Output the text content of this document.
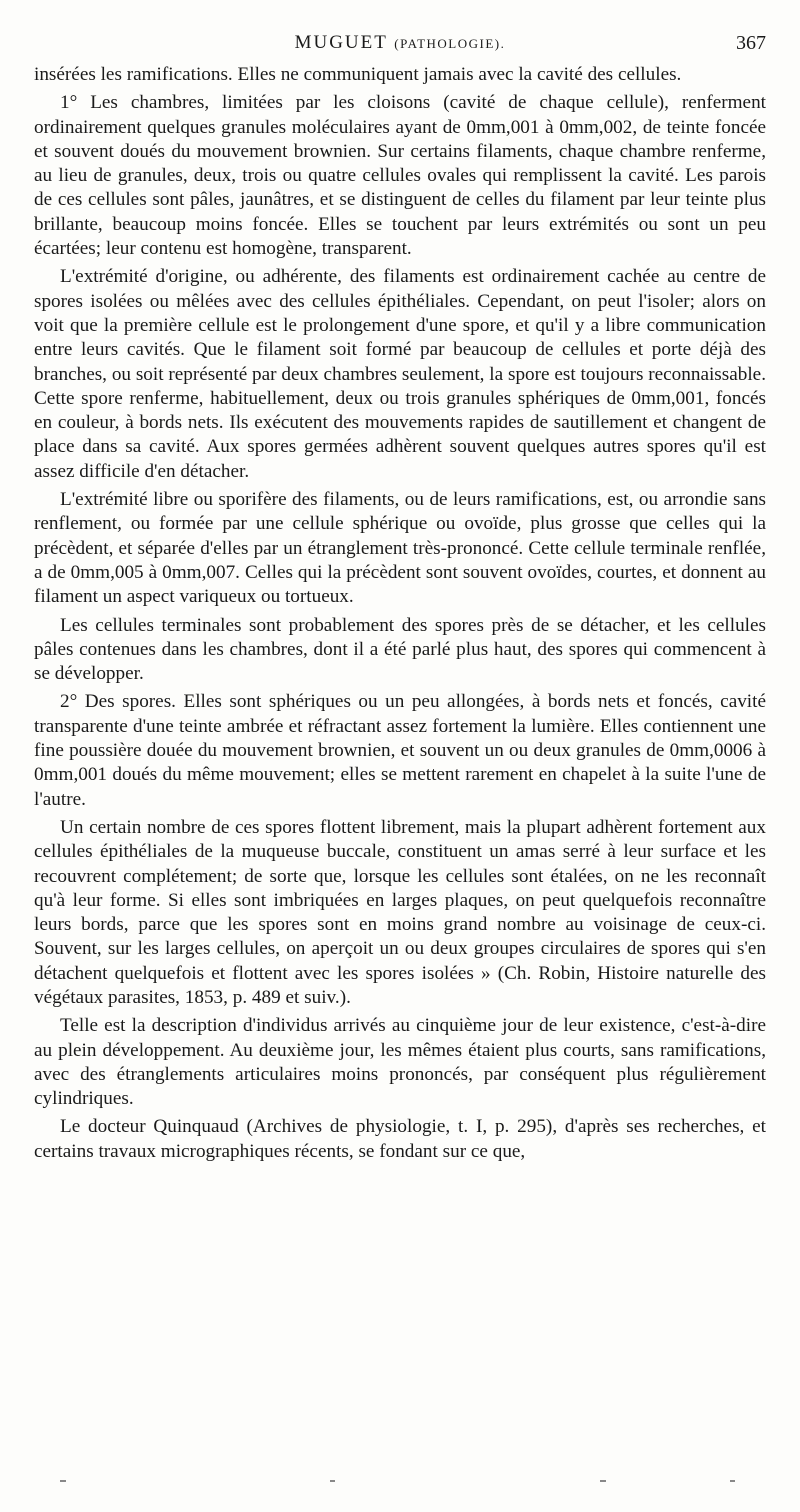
MUGUET (PATHOLOGIE).	367

insérées les ramifications. Elles ne communiquent jamais avec la cavité des cellules.

1° Les chambres, limitées par les cloisons (cavité de chaque cellule), renferment ordinairement quelques granules moléculaires ayant de 0mm,001 à 0mm,002, de teinte foncée et souvent doués du mouvement brownien. Sur certains filaments, chaque chambre renferme, au lieu de granules, deux, trois ou quatre cellules ovales qui remplissent la cavité. Les parois de ces cellules sont pâles, jaunâtres, et se distinguent de celles du filament par leur teinte plus brillante, beaucoup moins foncée. Elles se touchent par leurs extrémités ou sont un peu écartées; leur contenu est homogène, transparent.

L'extrémité d'origine, ou adhérente, des filaments est ordinairement cachée au centre de spores isolées ou mêlées avec des cellules épithéliales. Cependant, on peut l'isoler; alors on voit que la première cellule est le prolongement d'une spore, et qu'il y a libre communication entre leurs cavités. Que le filament soit formé par beaucoup de cellules et porte déjà des branches, ou soit représenté par deux chambres seulement, la spore est toujours reconnaissable. Cette spore renferme, habituellement, deux ou trois granules sphériques de 0mm,001, foncés en couleur, à bords nets. Ils exécutent des mouvements rapides de sautillement et changent de place dans sa cavité. Aux spores germées adhèrent souvent quelques autres spores qu'il est assez difficile d'en détacher.

L'extrémité libre ou sporifère des filaments, ou de leurs ramifications, est, ou arrondie sans renflement, ou formée par une cellule sphérique ou ovoïde, plus grosse que celles qui la précèdent, et séparée d'elles par un étranglement très-prononcé. Cette cellule terminale renflée, a de 0mm,005 à 0mm,007. Celles qui la précèdent sont souvent ovoïdes, courtes, et donnent au filament un aspect variqueux ou tortueux.

Les cellules terminales sont probablement des spores près de se détacher, et les cellules pâles contenues dans les chambres, dont il a été parlé plus haut, des spores qui commencent à se développer.

2° Des spores. Elles sont sphériques ou un peu allongées, à bords nets et foncés, cavité transparente d'une teinte ambrée et réfractant assez fortement la lumière. Elles contiennent une fine poussière douée du mouvement brownien, et souvent un ou deux granules de 0mm,0006 à 0mm,001 doués du même mouvement; elles se mettent rarement en chapelet à la suite l'une de l'autre.

Un certain nombre de ces spores flottent librement, mais la plupart adhèrent fortement aux cellules épithéliales de la muqueuse buccale, constituent un amas serré à leur surface et les recouvrent complétement; de sorte que, lorsque les cellules sont étalées, on ne les reconnaît qu'à leur forme. Si elles sont imbriquées en larges plaques, on peut quelquefois reconnaître leurs bords, parce que les spores sont en moins grand nombre au voisinage de ceux-ci. Souvent, sur les larges cellules, on aperçoit un ou deux groupes circulaires de spores qui s'en détachent quelquefois et flottent avec les spores isolées » (Ch. Robin, Histoire naturelle des végétaux parasites, 1853, p. 489 et suiv.).

Telle est la description d'individus arrivés au cinquième jour de leur existence, c'est-à-dire au plein développement. Au deuxième jour, les mêmes étaient plus courts, sans ramifications, avec des étranglements articulaires moins prononcés, par conséquent plus régulièrement cylindriques.

Le docteur Quinquaud (Archives de physiologie, t. I, p. 295), d'après ses recherches, et certains travaux micrographiques récents, se fondant sur ce que,
